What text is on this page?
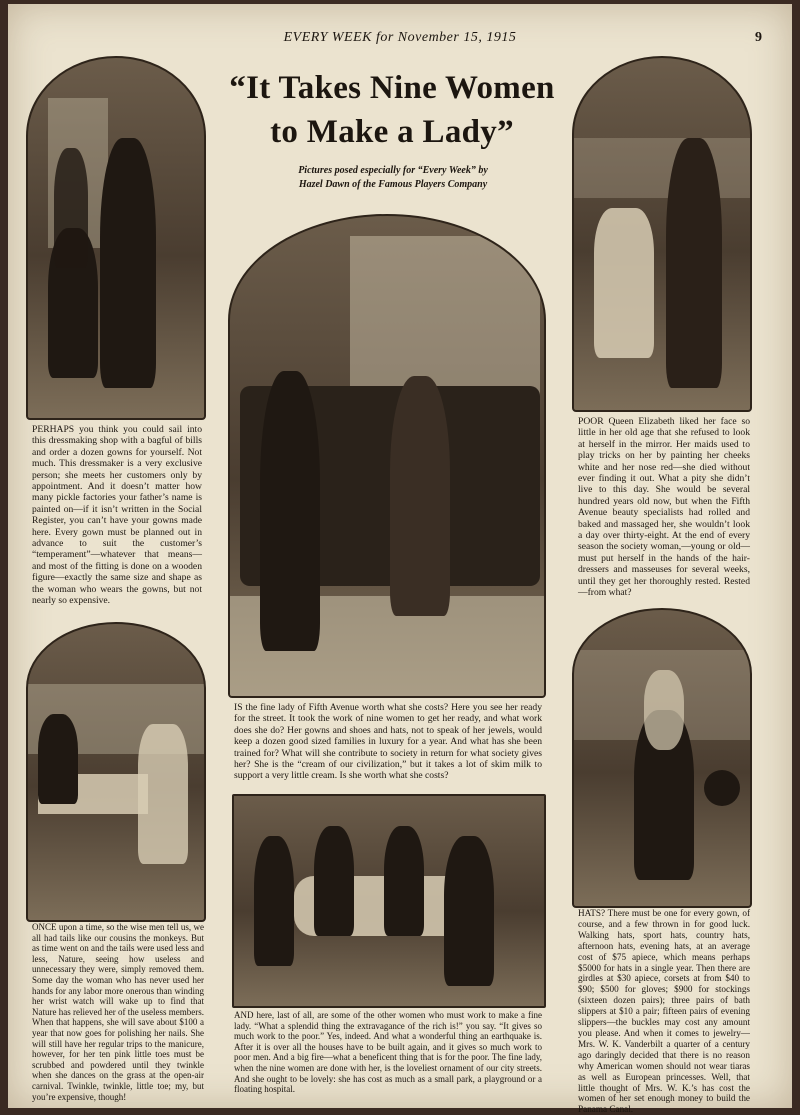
EVERY WEEK for November 15, 1915	9
“It Takes Nine Women
to Make a Lady”
Pictures posed especially for “Every Week” by
Hazel Dawn of the Famous Players Company
PERHAPS you think you could sail into this dressmaking shop with a bagful of bills and order a dozen gowns for yourself. Not much. This dressmaker is a very exclusive person; she meets her customers only by appointment. And it doesn’t matter how many pickle factories your father’s name is painted on—if it isn’t written in the Social Register, you can’t have your gowns made here. Every gown must be planned out in advance to suit the customer’s “temperament”—whatever that means—and most of the fitting is done on a wooden figure—exactly the same size and shape as the woman who wears the gowns, but not nearly so expensive.
POOR Queen Elizabeth liked her face so little in her old age that she refused to look at herself in the mirror. Her maids used to play tricks on her by painting her cheeks white and her nose red—she died without ever finding it out. What a pity she didn’t live to this day. She would be several hundred years old now, but when the Fifth Avenue beauty specialists had rolled and baked and massaged her, she wouldn’t look a day over thirty-eight. At the end of every season the society woman,—young or old—must put herself in the hands of the hair-dressers and masseuses for several weeks, until they get her thoroughly rested. Rested—from what?
IS the fine lady of Fifth Avenue worth what she costs? Here you see her ready for the street. It took the work of nine women to get her ready, and what work does she do? Her gowns and shoes and hats, not to speak of her jewels, would keep a dozen good sized families in luxury for a year. And what has she been trained for? What will she contribute to society in return for what society gives her? She is the “cream of our civilization,” but it takes a lot of skim milk to support a very little cream. Is she worth what she costs?
ONCE upon a time, so the wise men tell us, we all had tails like our cousins the monkeys. But as time went on and the tails were used less and less, Nature, seeing how useless and unnecessary they were, simply removed them. Some day the woman who has never used her hands for any labor more onerous than winding her wrist watch will wake up to find that Nature has relieved her of the useless members. When that happens, she will save about $100 a year that now goes for polishing her nails. She will still have her regular trips to the manicure, however, for her ten pink little toes must be scrubbed and powdered until they twinkle when she dances on the grass at the open-air carnival. Twinkle, twinkle, little toe; my, but you’re expensive, though!
AND here, last of all, are some of the other women who must work to make a fine lady. “What a splendid thing the extravagance of the rich is!” you say. “It gives so much work to the poor.” Yes, indeed. And what a wonderful thing an earthquake is. After it is over all the houses have to be built again, and it gives so much work to poor men. And a big fire—what a beneficent thing that is for the poor. The fine lady, when the nine women are done with her, is the loveliest ornament of our city streets. And she ought to be lovely: she has cost as much as a small park, a playground or a floating hospital.
HATS? There must be one for every gown, of course, and a few thrown in for good luck. Walking hats, sport hats, country hats, afternoon hats, evening hats, at an average cost of $75 apiece, which means perhaps $5000 for hats in a single year. Then there are girdles at $30 apiece, corsets at from $40 to $90; $500 for gloves; $900 for stockings (sixteen dozen pairs); three pairs of bath slippers at $10 a pair; fifteen pairs of evening slippers—the buckles may cost any amount you please. And when it comes to jewelry—Mrs. W. K. Vanderbilt a quarter of a century ago daringly decided that there is no reason why American women should not wear tiaras as well as European princesses. Well, that little thought of Mrs. W. K.’s has cost the women of her set enough money to build the Panama Canal.
